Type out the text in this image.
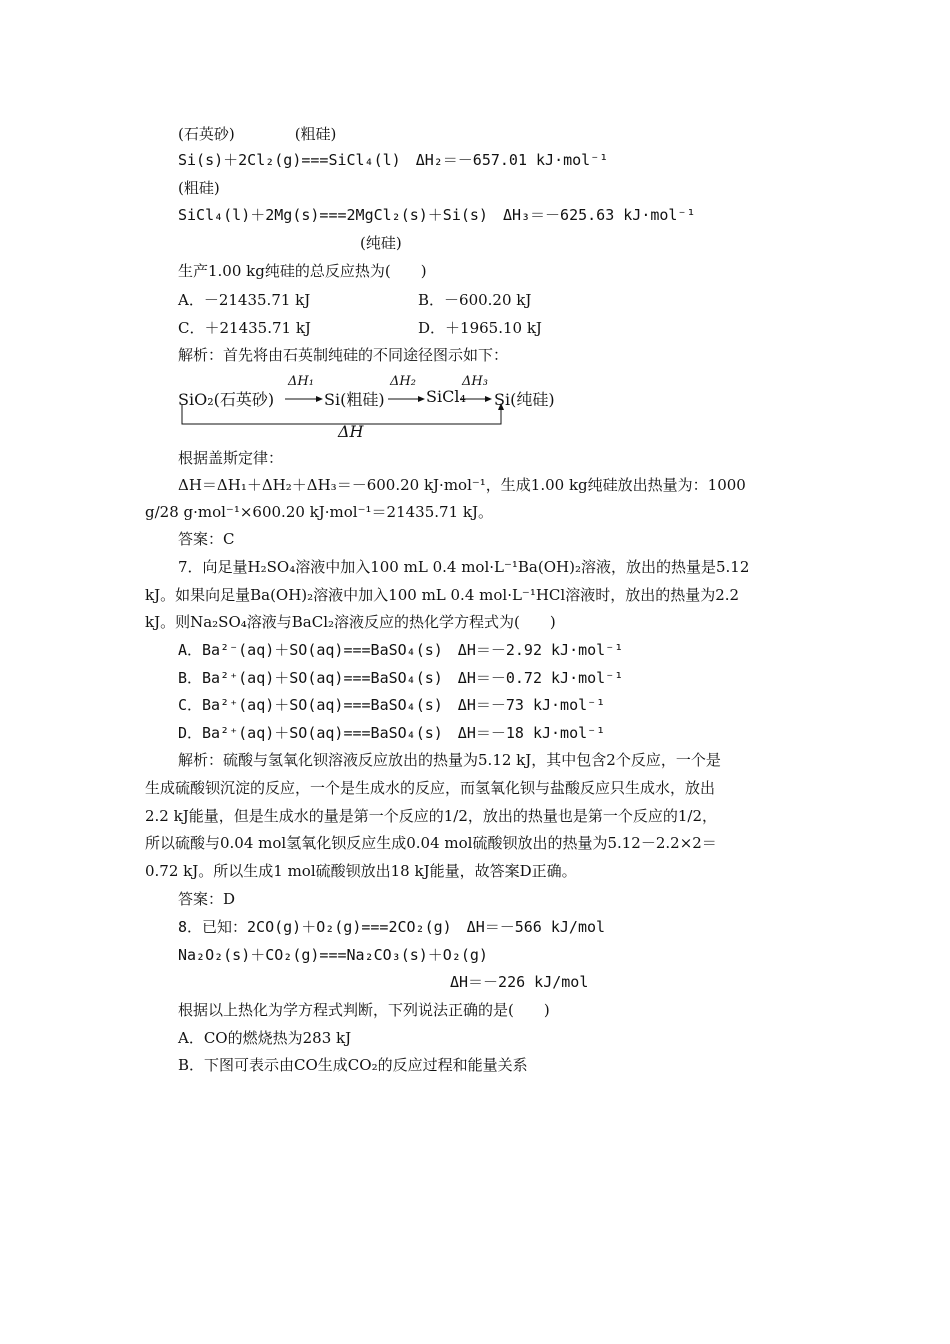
(石英砂)　　　　(粗硅)
Si(s)＋2Cl₂(g)===SiCl₄(l)　ΔH₂＝－657.01 kJ·mol⁻¹
(粗硅)
SiCl₄(l)＋2Mg(s)===2MgCl₂(s)＋Si(s)　ΔH₃＝－625.63 kJ·mol⁻¹
(纯硅)
生产1.00 kg纯硅的总反应热为(　　)
A．－21435.71 kJ	B．－600.20 kJ
C．＋21435.71 kJ	D．＋1965.10 kJ
解析：首先将由石英制纯硅的不同途径图示如下：
SiO₂(石英砂)
ΔH₁
Si(粗硅)
ΔH₂
SiCl₄
ΔH₃
Si(纯硅)
ΔH
根据盖斯定律：
ΔH＝ΔH₁＋ΔH₂＋ΔH₃＝－600.20 kJ·mol⁻¹，生成1.00 kg纯硅放出热量为：1000
g/28 g·mol⁻¹×600.20 kJ·mol⁻¹＝21435.71 kJ。
答案：C
7．向足量H₂SO₄溶液中加入100 mL 0.4 mol·L⁻¹Ba(OH)₂溶液，放出的热量是5.12
kJ。如果向足量Ba(OH)₂溶液中加入100 mL 0.4 mol·L⁻¹HCl溶液时，放出的热量为2.2
kJ。则Na₂SO₄溶液与BaCl₂溶液反应的热化学方程式为(　　)
A．Ba²⁻(aq)＋SO(aq)===BaSO₄(s)　ΔH＝－2.92 kJ·mol⁻¹
B．Ba²⁺(aq)＋SO(aq)===BaSO₄(s)　ΔH＝－0.72 kJ·mol⁻¹
C．Ba²⁺(aq)＋SO(aq)===BaSO₄(s)　ΔH＝－73 kJ·mol⁻¹
D．Ba²⁺(aq)＋SO(aq)===BaSO₄(s)　ΔH＝－18 kJ·mol⁻¹
解析：硫酸与氢氧化钡溶液反应放出的热量为5.12 kJ，其中包含2个反应，一个是
生成硫酸钡沉淀的反应，一个是生成水的反应，而氢氧化钡与盐酸反应只生成水，放出
2.2 kJ能量，但是生成水的量是第一个反应的1/2，放出的热量也是第一个反应的1/2，
所以硫酸与0.04 mol氢氧化钡反应生成0.04 mol硫酸钡放出的热量为5.12－2.2×2＝
0.72 kJ。所以生成1 mol硫酸钡放出18 kJ能量，故答案D正确。
答案：D
8．已知：2CO(g)＋O₂(g)===2CO₂(g)　ΔH＝－566 kJ/mol
Na₂O₂(s)＋CO₂(g)===Na₂CO₃(s)＋O₂(g)
ΔH＝－226 kJ/mol
根据以上热化为学方程式判断，下列说法正确的是(　　)
A．CO的燃烧热为283 kJ
B．下图可表示由CO生成CO₂的反应过程和能量关系
